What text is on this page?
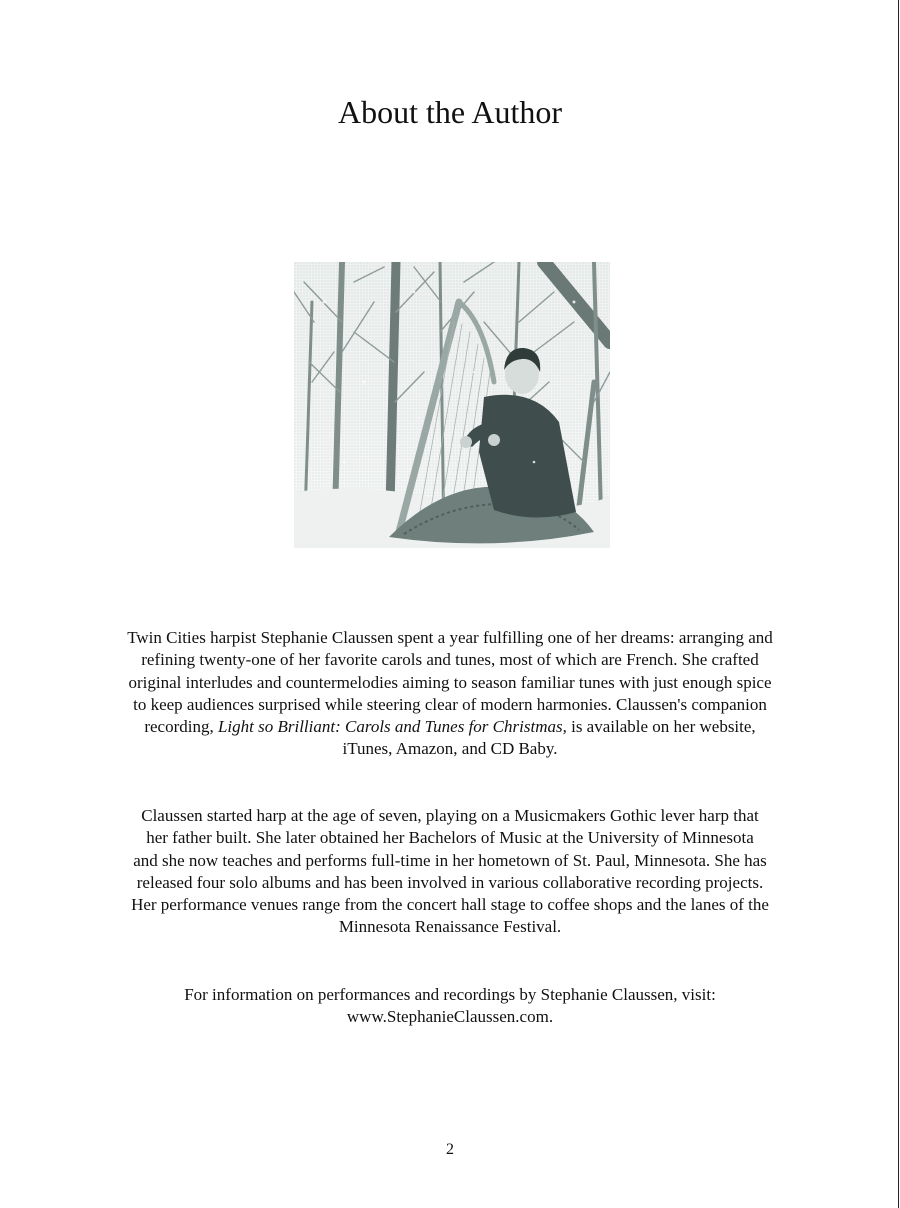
About the Author

Twin Cities harpist Stephanie Claussen spent a year fulfilling one of her dreams: arranging and
refining twenty-one of her favorite carols and tunes, most of which are French. She crafted
original interludes and countermelodies aiming to season familiar tunes with just enough spice
to keep audiences surprised while steering clear of modern harmonies. Claussen's companion
recording, Light so Brilliant: Carols and Tunes for Christmas, is available on her website,
iTunes, Amazon, and CD Baby.

Claussen started harp at the age of seven, playing on a Musicmakers Gothic lever harp that
her father built. She later obtained her Bachelors of Music at the University of Minnesota
and she now teaches and performs full-time in her hometown of St. Paul, Minnesota. She has
released four solo albums and has been involved in various collaborative recording projects.
Her performance venues range from the concert hall stage to coffee shops and the lanes of the
Minnesota Renaissance Festival.

For information on performances and recordings by Stephanie Claussen, visit:
www.StephanieClaussen.com.

2
